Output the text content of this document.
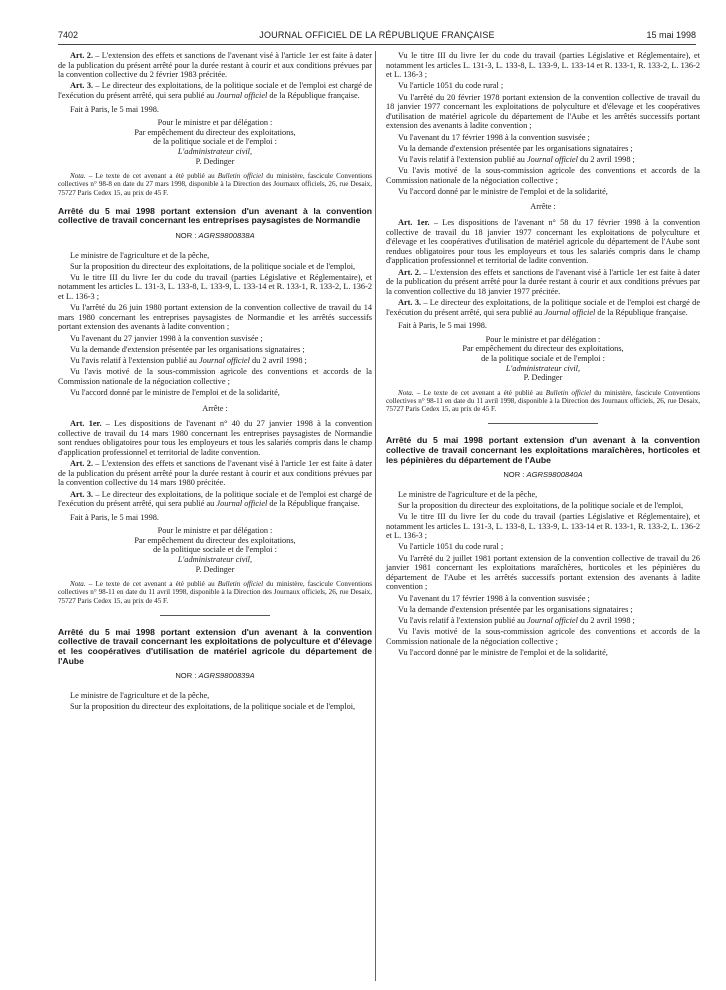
7402	JOURNAL OFFICIEL DE LA RÉPUBLIQUE FRANÇAISE	15 mai 1998

Art. 2. – L'extension des effets et sanctions de l'avenant visé à l'article 1er est faite à dater de la publication du présent arrêté pour la durée restant à courir et aux conditions prévues par la convention collective du 2 février 1983 précitée.

Art. 3. – Le directeur des exploitations, de la politique sociale et de l'emploi est chargé de l'exécution du présent arrêté, qui sera publié au Journal officiel de la République française.

Fait à Paris, le 5 mai 1998.

Pour le ministre et par délégation :

Par empêchement du directeur des exploitations,

de la politique sociale et de l'emploi :

L'administrateur civil,

P. Dedinger

Nota. – Le texte de cet avenant a été publié au Bulletin officiel du ministère, fascicule Conventions collectives n° 98-8 en date du 27 mars 1998, disponible à la Direction des Journaux officiels, 26, rue Desaix, 75727 Paris Cedex 15, au prix de 45 F.

Arrêté du 5 mai 1998 portant extension d'un avenant à la convention collective de travail concernant les entreprises paysagistes de Normandie
NOR : AGRS9800838A

Le ministre de l'agriculture et de la pêche,

Sur la proposition du directeur des exploitations, de la politique sociale et de l'emploi,

Vu le titre III du livre Ier du code du travail (parties Législative et Réglementaire), et notamment les articles L. 131-3, L. 133-8, L. 133-9, L. 133-14 et R. 133-1, R. 133-2, L. 136-2 et L. 136-3 ;

Vu l'arrêté du 26 juin 1980 portant extension de la convention collective de travail du 14 mars 1980 concernant les entreprises paysagistes de Normandie et les arrêtés successifs portant extension des avenants à ladite convention ;

Vu l'avenant du 27 janvier 1998 à la convention susvisée ;

Vu la demande d'extension présentée par les organisations signataires ;

Vu l'avis relatif à l'extension publié au Journal officiel du 2 avril 1998 ;

Vu l'avis motivé de la sous-commission agricole des conventions et accords de la Commission nationale de la négociation collective ;

Vu l'accord donné par le ministre de l'emploi et de la solidarité,

Arrête :

Art. 1er. – Les dispositions de l'avenant n° 40 du 27 janvier 1998 à la convention collective de travail du 14 mars 1980 concernant les entreprises paysagistes de Normandie sont rendues obligatoires pour tous les employeurs et tous les salariés compris dans le champ d'application professionnel et territorial de ladite convention.

Art. 2. – L'extension des effets et sanctions de l'avenant visé à l'article 1er est faite à dater de la publication du présent arrêté pour la durée restant à courir et aux conditions prévues par la convention collective du 14 mars 1980 précitée.

Art. 3. – Le directeur des exploitations, de la politique sociale et de l'emploi est chargé de l'exécution du présent arrêté, qui sera publié au Journal officiel de la République française.

Fait à Paris, le 5 mai 1998.

Pour le ministre et par délégation :

Par empêchement du directeur des exploitations,

de la politique sociale et de l'emploi :

L'administrateur civil,

P. Dedinger

Nota. – Le texte de cet avenant a été publié au Bulletin officiel du ministère, fascicule Conventions collectives n° 98-11 en date du 11 avril 1998, disponible à la Direction des Journaux officiels, 26, rue Desaix, 75727 Paris Cedex 15, au prix de 45 F.

Arrêté du 5 mai 1998 portant extension d'un avenant à la convention collective de travail concernant les exploitations de polyculture et d'élevage et les coopératives d'utilisation de matériel agricole du département de l'Aube
NOR : AGRS9800839A

Le ministre de l'agriculture et de la pêche,

Sur la proposition du directeur des exploitations, de la politique sociale et de l'emploi,

Vu le titre III du livre Ier du code du travail (parties Législative et Réglementaire), et notamment les articles L. 131-3, L. 133-8, L. 133-9, L. 133-14 et R. 133-1, R. 133-2, L. 136-2 et L. 136-3 ;

Vu l'article 1051 du code rural ;

Vu l'arrêté du 20 février 1978 portant extension de la convention collective de travail du 18 janvier 1977 concernant les exploitations de polyculture et d'élevage et les coopératives d'utilisation de matériel agricole du département de l'Aube et les arrêtés successifs portant extension des avenants à ladite convention ;

Vu l'avenant du 17 février 1998 à la convention susvisée ;

Vu la demande d'extension présentée par les organisations signataires ;

Vu l'avis relatif à l'extension publié au Journal officiel du 2 avril 1998 ;

Vu l'avis motivé de la sous-commission agricole des conventions et accords de la Commission nationale de la négociation collective ;

Vu l'accord donné par le ministre de l'emploi et de la solidarité,

Arrête :

Art. 1er. – Les dispositions de l'avenant n° 58 du 17 février 1998 à la convention collective de travail du 18 janvier 1977 concernant les exploitations de polyculture et d'élevage et les coopératives d'utilisation de matériel agricole du département de l'Aube sont rendues obligatoires pour tous les employeurs et tous les salariés compris dans le champ d'application professionnel et territorial de ladite convention.

Art. 2. – L'extension des effets et sanctions de l'avenant visé à l'article 1er est faite à dater de la publication du présent arrêté pour la durée restant à courir et aux conditions prévues par la convention collective du 18 janvier 1977 précitée.

Art. 3. – Le directeur des exploitations, de la politique sociale et de l'emploi est chargé de l'exécution du présent arrêté, qui sera publié au Journal officiel de la République française.

Fait à Paris, le 5 mai 1998.

Pour le ministre et par délégation :

Par empêchement du directeur des exploitations,

de la politique sociale et de l'emploi :

L'administrateur civil,

P. Dedinger

Nota. – Le texte de cet avenant a été publié au Bulletin officiel du ministère, fascicule Conventions collectives n° 98-11 en date du 11 avril 1998, disponible à la Direction des Journaux officiels, 26, rue Desaix, 75727 Paris Cedex 15, au prix de 45 F.

Arrêté du 5 mai 1998 portant extension d'un avenant à la convention collective de travail concernant les exploitations maraîchères, horticoles et les pépinières du département de l'Aube
NOR : AGRS9800840A

Le ministre de l'agriculture et de la pêche,

Sur la proposition du directeur des exploitations, de la politique sociale et de l'emploi,

Vu le titre III du livre Ier du code du travail (parties Législative et Réglementaire), et notamment les articles L. 131-3, L. 133-8, L. 133-9, L. 133-14 et R. 133-1, R. 133-2, L. 136-2 et L. 136-3 ;

Vu l'article 1051 du code rural ;

Vu l'arrêté du 2 juillet 1981 portant extension de la convention collective de travail du 26 janvier 1981 concernant les exploitations maraîchères, horticoles et les pépinières du département de l'Aube et les arrêtés successifs portant extension des avenants à ladite convention ;

Vu l'avenant du 17 février 1998 à la convention susvisée ;

Vu la demande d'extension présentée par les organisations signataires ;

Vu l'avis relatif à l'extension publié au Journal officiel du 2 avril 1998 ;

Vu l'avis motivé de la sous-commission agricole des conventions et accords de la Commission nationale de la négociation collective ;

Vu l'accord donné par le ministre de l'emploi et de la solidarité,
